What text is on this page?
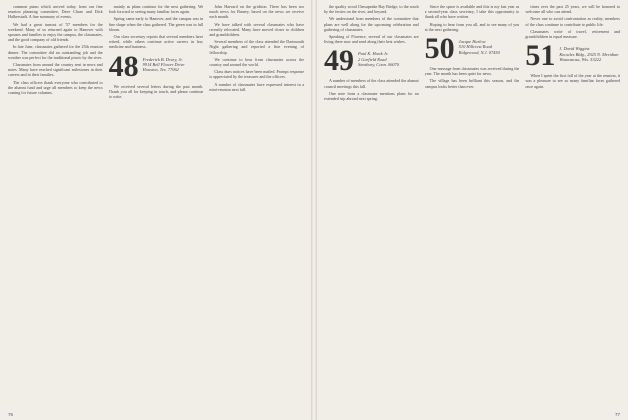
common piano which arrived today, from our fine reunion planning committee, Dave Chase and Dick Halberstadt. A fine summary of events.

We had a great turnout of '57 members for the weekend. Many of us returned again to Hanover with spouses and families to enjoy the campus, the classmates, and the good company of old friends.

In late June, classmates gathered for the 25th reunion dinner. The committee did an outstanding job and the weather was perfect for the traditional picnic by the river.

Classmates from around the country sent in news and notes. Many have reached significant milestones in their careers and in their families.

The class officers thank everyone who contributed to the alumni fund and urge all members to keep the news coming for future columns.

mainly as plans continue for the next gathering. We look forward to seeing many familiar faces again.

Spring came early to Hanover, and the campus was in fine shape when the class gathered. The green was in full bloom.

Our class secretary reports that several members have retired, while others continue active careers in law, medicine and business.

48 Frederick B. Drury, Jr.
9914 Bell Flower Drive
Houston, Tex. 77062

We received several letters during the past month. Thank you all for keeping in touch, and please continue to write.

John Harvard on the gridiron. There has been too much news for Barney, based on the news we receive each month.

We have talked with several classmates who have recently relocated. Many have moved closer to children and grandchildren.

Several members of the class attended the Dartmouth Night gathering and reported a fine evening of fellowship.

We continue to hear from classmates across the country and around the world.

Class dues notices have been mailed. Prompt response is appreciated by the treasurer and the officers.

A number of classmates have expressed interest in a mini-reunion next fall.

76

the quality wood Chesapeake Bay Bridge, to the south by the ferries on the river, and beyond.

We understand from members of the committee that plans are well along for the upcoming celebration and gathering of classmates.

Speaking of Florence, several of our classmates are living there now and send along their best wishes.

49 Paul K. Hawk Jr.
2 Garfield Road
Simsbury, Conn. 06070

A number of members of the class attended the alumni council meetings this fall.

One note from a classmate mentions plans for an extended trip abroad next spring.

Since the space is available and this is my last year as a second-year class secretary, I take this opportunity to thank all who have written.

Hoping to hear from you all, and to see many of you at the next gathering.

50 Jacque Harlow
510 Hillcrest Road
Ridgewood, N.J. 07450

One message from classmates was received during the year. The month has been quiet for news.

The village has been brilliant this season, and the campus looks better than ever.

times over the past 25 years, we will be honored to welcome all who can attend.

Never one to avoid confrontation as reality, members of the class continue to contribute to public life.

Classmates write of travel, retirement and grandchildren in equal measure.

51 J. David Wiggins
Knowles Bldg., 2925 N. Meridian
Wauwatosa, Wis. 53222

When I spent the first fall of the year at the reunion, it was a pleasure to see so many familiar faces gathered once again.

77
